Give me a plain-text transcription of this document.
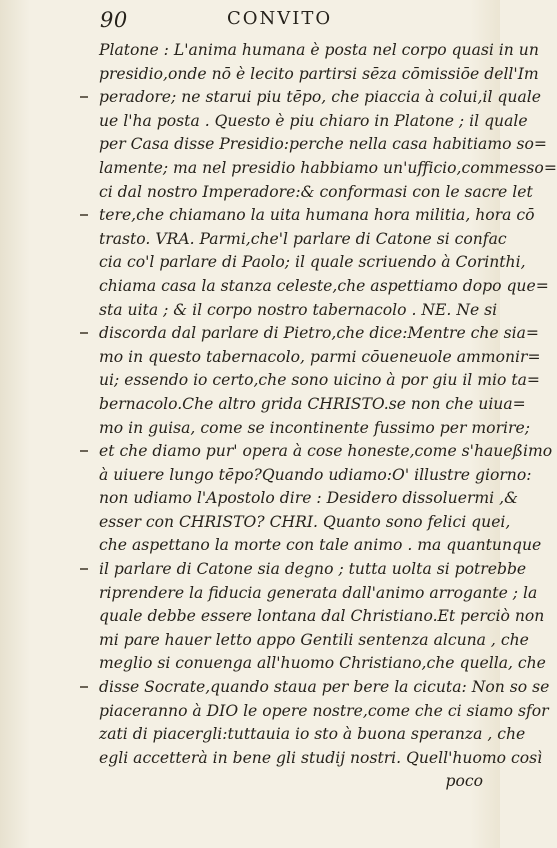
90	CONVITO
Platone : L'anima humana è posta nel corpo quasi in un
presidio,onde nō è lecito partirsi sēza cōmissiōe dell'Im
peradore; ne starui piu tēpo, che piaccia à colui,il quale
ue l'ha posta . Questo è piu chiaro in Platone ; il quale
per Casa disse Presidio:perche nella casa habitiamo so=
lamente; ma nel presidio habbiamo un'ufficio,commesso=
ci dal nostro Imperadore:& conformasi con le sacre let
tere,che chiamano la uita humana hora militia, hora cō
trasto. VRA. Parmi,che'l parlare di Catone si confac
cia co'l parlare di Paolo; il quale scriuendo à Corinthi,
chiama casa la stanza celeste,che aspettiamo dopo que=
sta uita ; & il corpo nostro tabernacolo . NE. Ne si
discorda dal parlare di Pietro,che dice:Mentre che sia=
mo in questo tabernacolo, parmi cōueneuole ammonir=
ui; essendo io certo,che sono uicino à por giu il mio ta=
bernacolo.Che altro grida CHRISTO.se non che uiua=
mo in guisa, come se incontinente fussimo per morire;
et che diamo pur' opera à cose honeste,come s'haueßimo
à uiuere lungo tēpo?Quando udiamo:O' illustre giorno:
non udiamo l'Apostolo dire : Desidero dissoluermi ,&
esser con CHRISTO? CHRI. Quanto sono felici quei,
che aspettano la morte con tale animo . ma quantunque
il parlare di Catone sia degno ; tutta uolta si potrebbe
riprendere la fiducia generata dall'animo arrogante ; la
quale debbe essere lontana dal Christiano.Et perciò non
mi pare hauer letto appo Gentili sentenza alcuna , che
meglio si conuenga all'huomo Christiano,che quella, che
disse Socrate,quando staua per bere la cicuta: Non so se
piaceranno à DIO le opere nostre,come che ci siamo sfor
zati di piacergli:tuttauia io sto à buona speranza , che
egli accetterà in bene gli studij nostri. Quell'huomo così
poco
